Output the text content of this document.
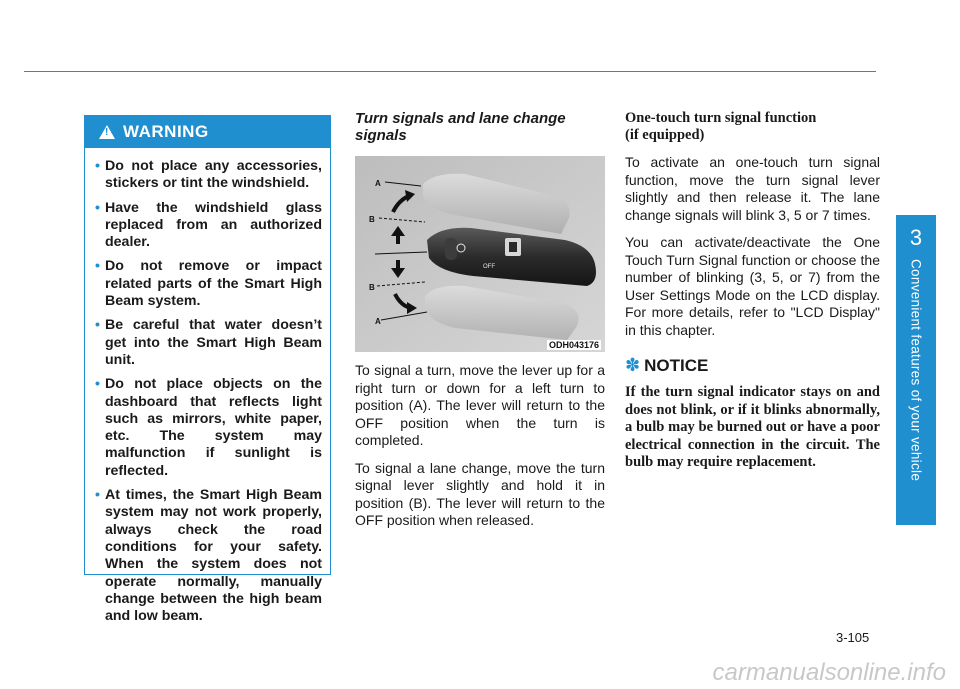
!
WARNING
• Do not place any accessories, stickers or tint the windshield.
• Have the windshield glass replaced from an authorized dealer.
• Do not remove or impact related parts of the Smart High Beam system.
• Be careful that water doesn’t get into the Smart High Beam unit.
• Do not place objects on the dashboard that reflects light such as mirrors, white paper, etc. The system may malfunction if sunlight is reflected.
• At times, the Smart High Beam system may not work properly, always check the road conditions for your safety. When the system does not operate normally, manually change between the high beam and low beam.

Turn signals and lane change signals

OFF
A
B
B
A
ODH043176

To signal a turn, move the lever up for a right turn or down for a left turn to position (A). The lever will return to the OFF position when the turn is completed.

To signal a lane change, move the turn signal lever slightly and hold it in position (B). The lever will return to the OFF position when released.

One-touch turn signal function
(if equipped)

To activate an one-touch turn signal function, move the turn signal lever slightly and then release it. The lane change signals will blink 3, 5 or 7 times.

You can activate/deactivate the One Touch Turn Signal function or choose the number of blinking (3, 5, or 7) from the User Settings Mode on the LCD display. For more details, refer to "LCD Display" in this chapter.

✽ NOTICE

If the turn signal indicator stays on and does not blink, or if it blinks abnormally, a bulb may be burned out or have a poor electrical connection in the circuit. The bulb may require replacement.

3
Convenient features of your vehicle
3-105
carmanualsonline.info
